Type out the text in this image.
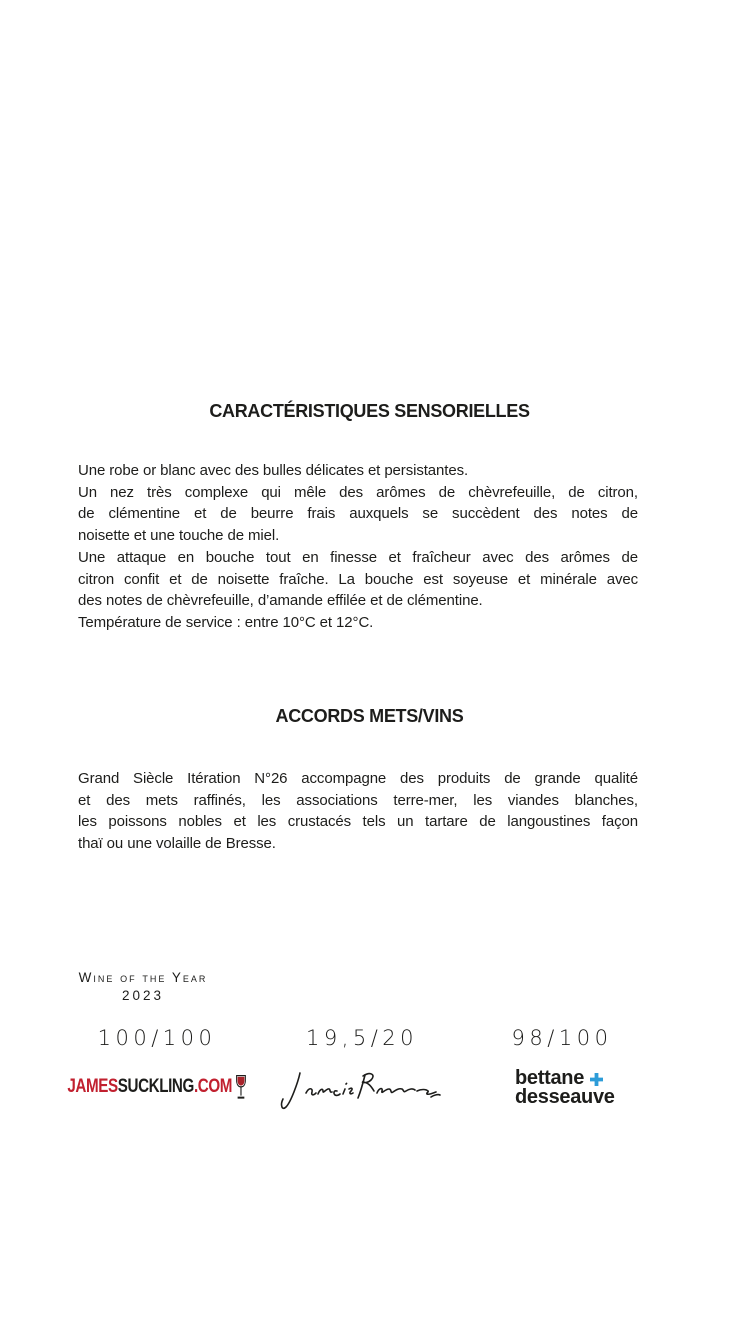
CARACTÉRISTIQUES SENSORIELLES
Une robe or blanc avec des bulles délicates et persistantes.
Un nez très complexe qui mêle des arômes de chèvrefeuille, de citron,
de clémentine et de beurre frais auxquels se succèdent des notes de
noisette et une touche de miel.
Une attaque en bouche tout en finesse et fraîcheur avec des arômes de
citron confit et de noisette fraîche. La bouche est soyeuse et minérale avec
des notes de chèvrefeuille, d’amande effilée et de clémentine.
Température de service : entre 10°C et 12°C.
ACCORDS METS/VINS
Grand Siècle Itération N°26 accompagne des produits de grande qualité
et des mets raffinés, les associations terre-mer, les viandes blanches,
les poissons nobles et les crustacés tels un tartare de langoustines façon
thaï ou une volaille de Bresse.
Wine of the Year
2023
100/100	19,5/20	98/100
JAMES SUCKLING .COM	bettane
desseauve
